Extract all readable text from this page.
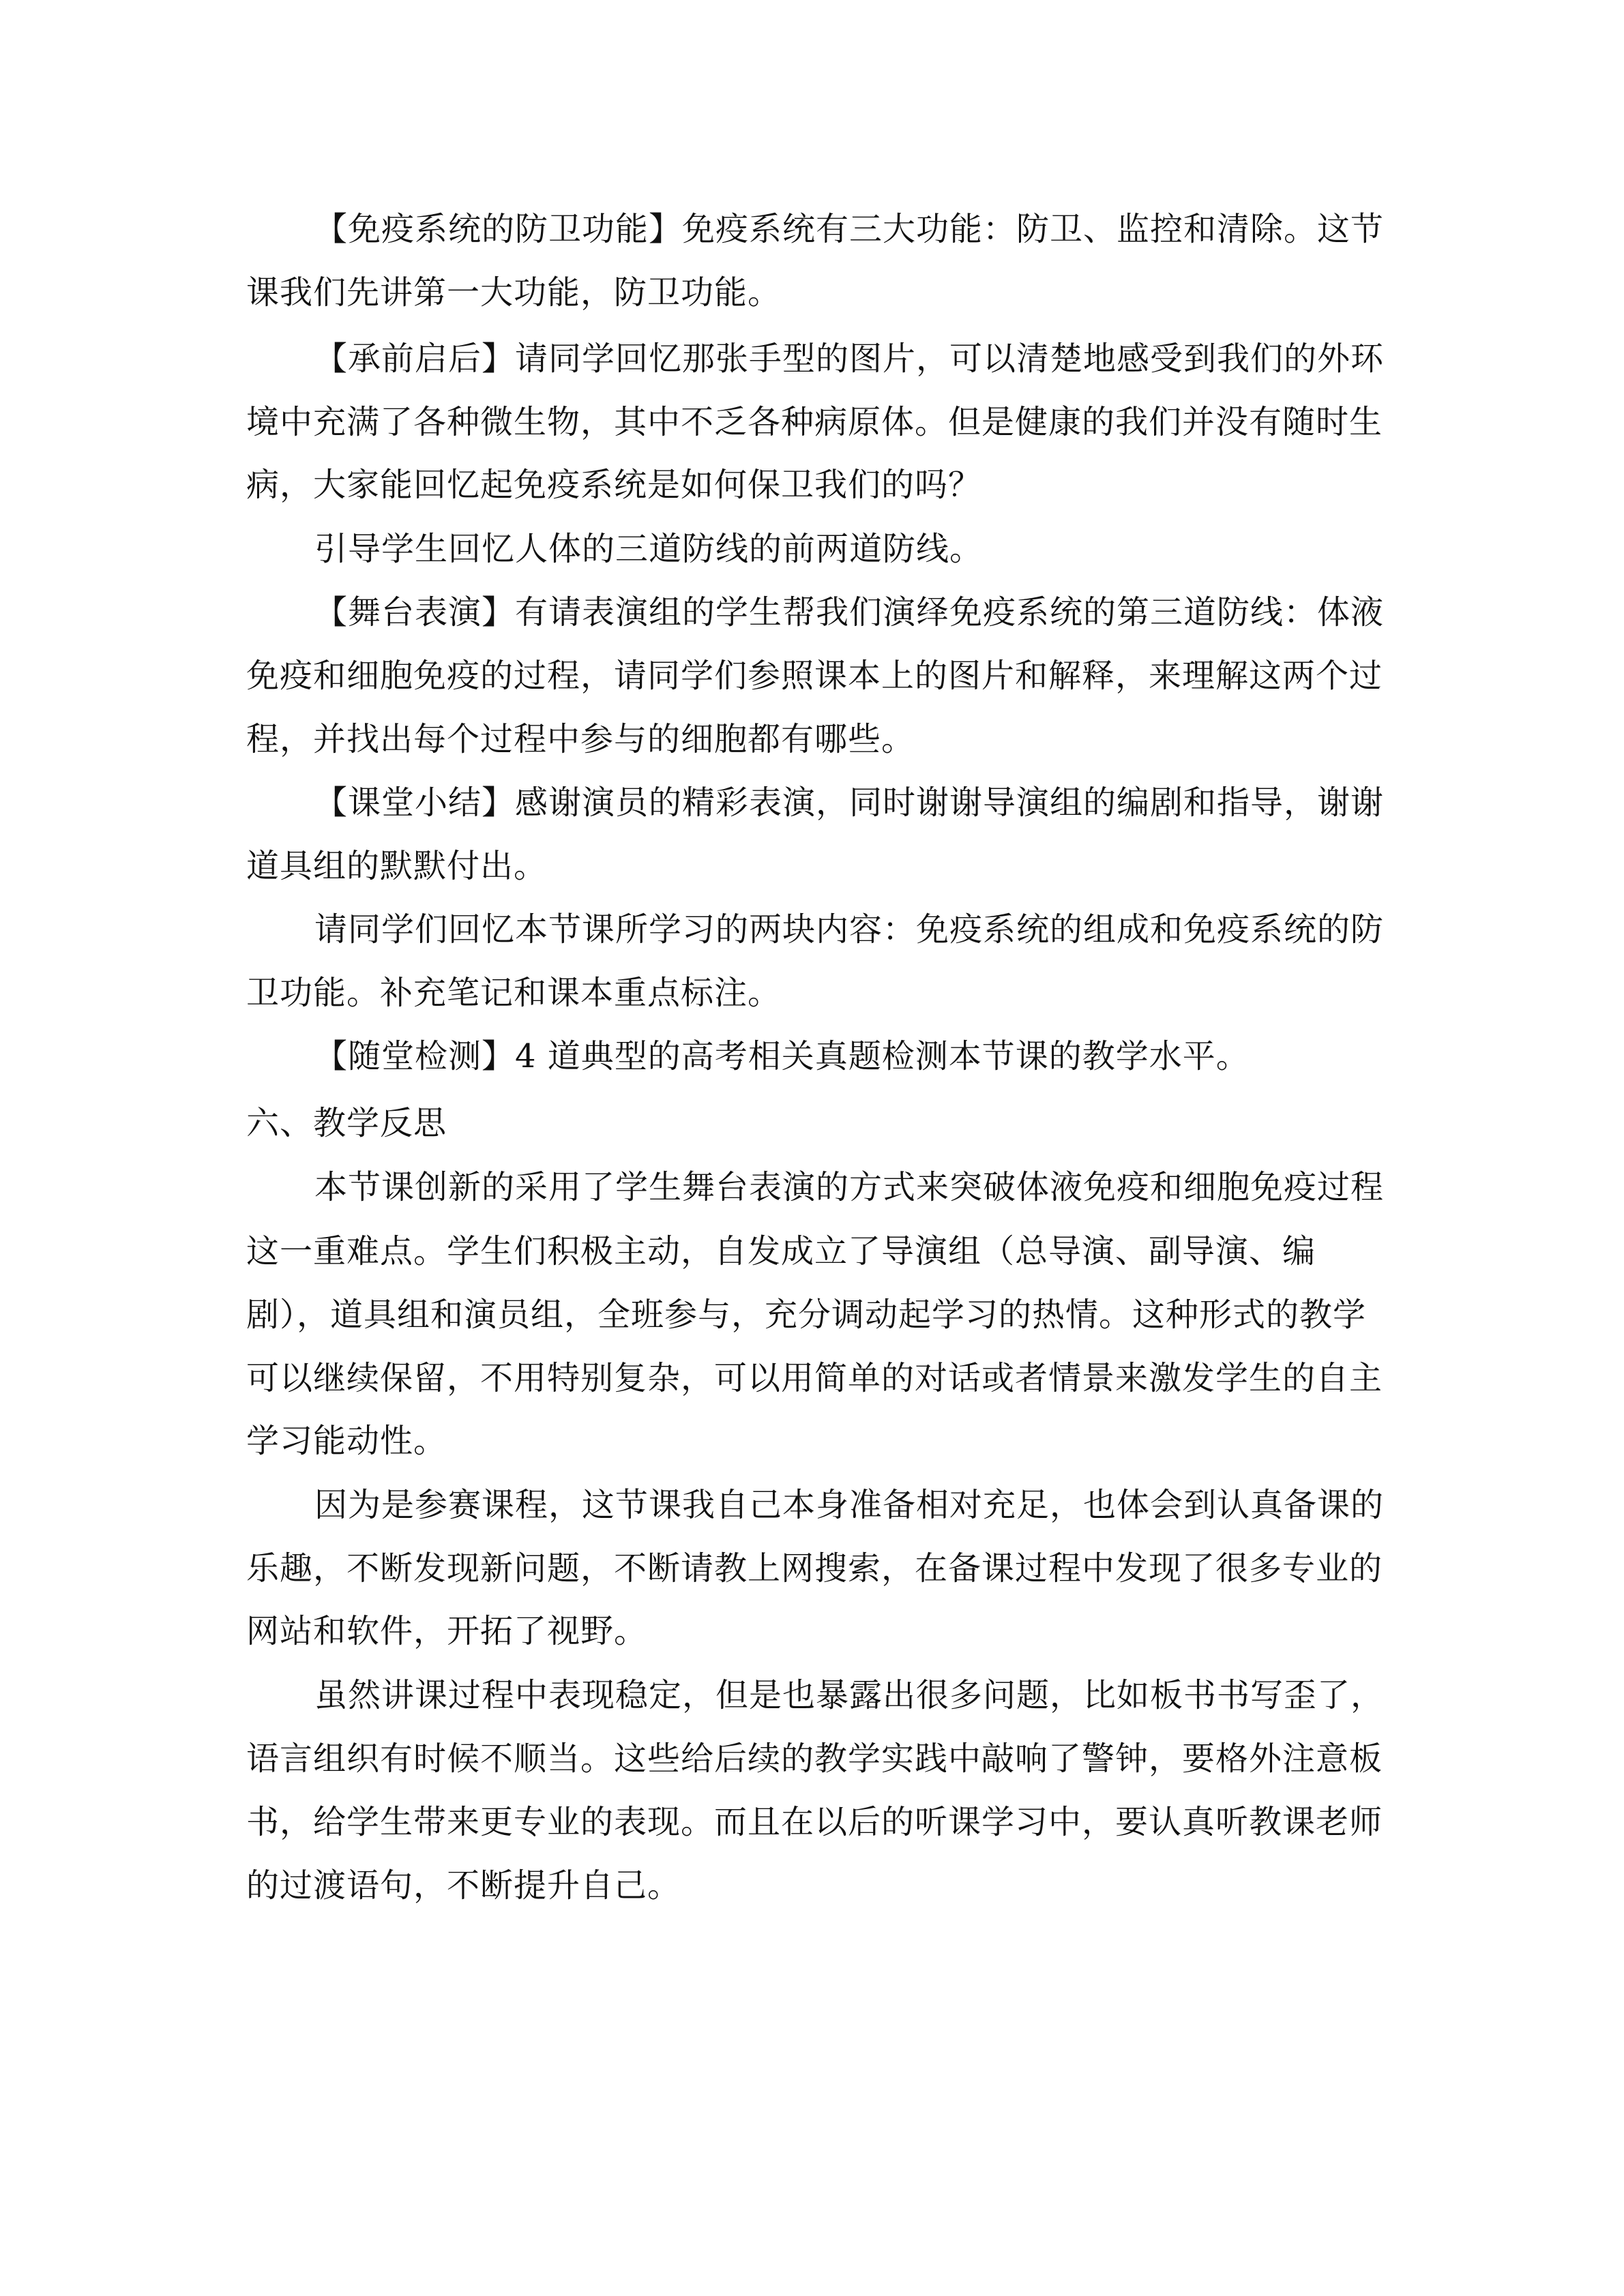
【免疫系统的防卫功能】免疫系统有三大功能：防卫、监控和清除。这节
课我们先讲第一大功能，防卫功能。
【承前启后】请同学回忆那张手型的图片，可以清楚地感受到我们的外环
境中充满了各种微生物，其中不乏各种病原体。但是健康的我们并没有随时生
病，大家能回忆起免疫系统是如何保卫我们的吗？
引导学生回忆人体的三道防线的前两道防线。
【舞台表演】有请表演组的学生帮我们演绎免疫系统的第三道防线：体液
免疫和细胞免疫的过程，请同学们参照课本上的图片和解释，来理解这两个过
程，并找出每个过程中参与的细胞都有哪些。
【课堂小结】感谢演员的精彩表演，同时谢谢导演组的编剧和指导，谢谢
道具组的默默付出。
请同学们回忆本节课所学习的两块内容：免疫系统的组成和免疫系统的防
卫功能。补充笔记和课本重点标注。
【随堂检测】4 道典型的高考相关真题检测本节课的教学水平。
六、教学反思
本节课创新的采用了学生舞台表演的方式来突破体液免疫和细胞免疫过程
这一重难点。学生们积极主动，自发成立了导演组（总导演、副导演、编
剧），道具组和演员组，全班参与，充分调动起学习的热情。这种形式的教学
可以继续保留，不用特别复杂，可以用简单的对话或者情景来激发学生的自主
学习能动性。
因为是参赛课程，这节课我自己本身准备相对充足，也体会到认真备课的
乐趣，不断发现新问题，不断请教上网搜索，在备课过程中发现了很多专业的
网站和软件，开拓了视野。
虽然讲课过程中表现稳定，但是也暴露出很多问题，比如板书书写歪了，
语言组织有时候不顺当。这些给后续的教学实践中敲响了警钟，要格外注意板
书，给学生带来更专业的表现。而且在以后的听课学习中，要认真听教课老师
的过渡语句，不断提升自己。
